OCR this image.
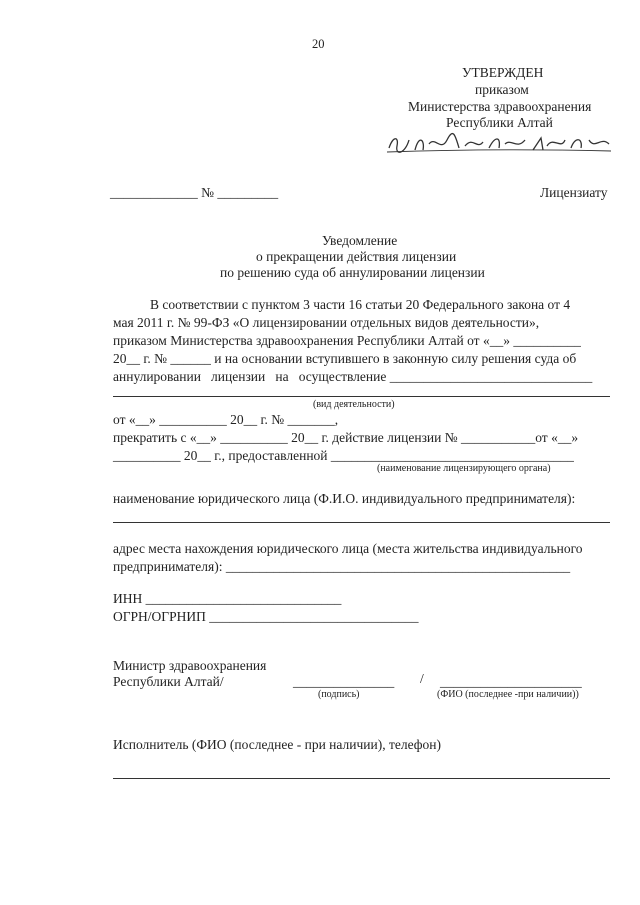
20
УТВЕРЖДЕН
приказом
Министерства здравоохранения
Республики Алтай
_____________ № _________	Лицензиату
Уведомление
о прекращении действия лицензии
по решению суда об аннулировании лицензии
В соответствии с пунктом 3 части 16 статьи 20 Федерального закона от 4
мая 2011 г. № 99-ФЗ «О лицензировании отдельных видов деятельности»,
приказом Министерства здравоохранения Республики Алтай от «__» __________
20__ г. № ______ и на основании вступившего в законную силу решения суда об
аннулировании   лицензии   на   осуществление ______________________________
(вид деятельности)
от «__» __________ 20__ г. № _______,
прекратить с «__» __________ 20__ г. действие лицензии № ___________от «__»
__________ 20__ г., предоставленной ____________________________________
(наименование лицензирующего органа)
наименование юридического лица (Ф.И.О. индивидуального предпринимателя):
адрес места нахождения юридического лица (места жительства индивидуального
предпринимателя): ___________________________________________________
ИНН _____________________________
ОГРН/ОГРНИП _______________________________
Министр здравоохранения
Республики Алтай/	_______________ / _____________________
(подпись)	(ФИО (последнее -при наличии))
Исполнитель (ФИО (последнее - при наличии), телефон)
